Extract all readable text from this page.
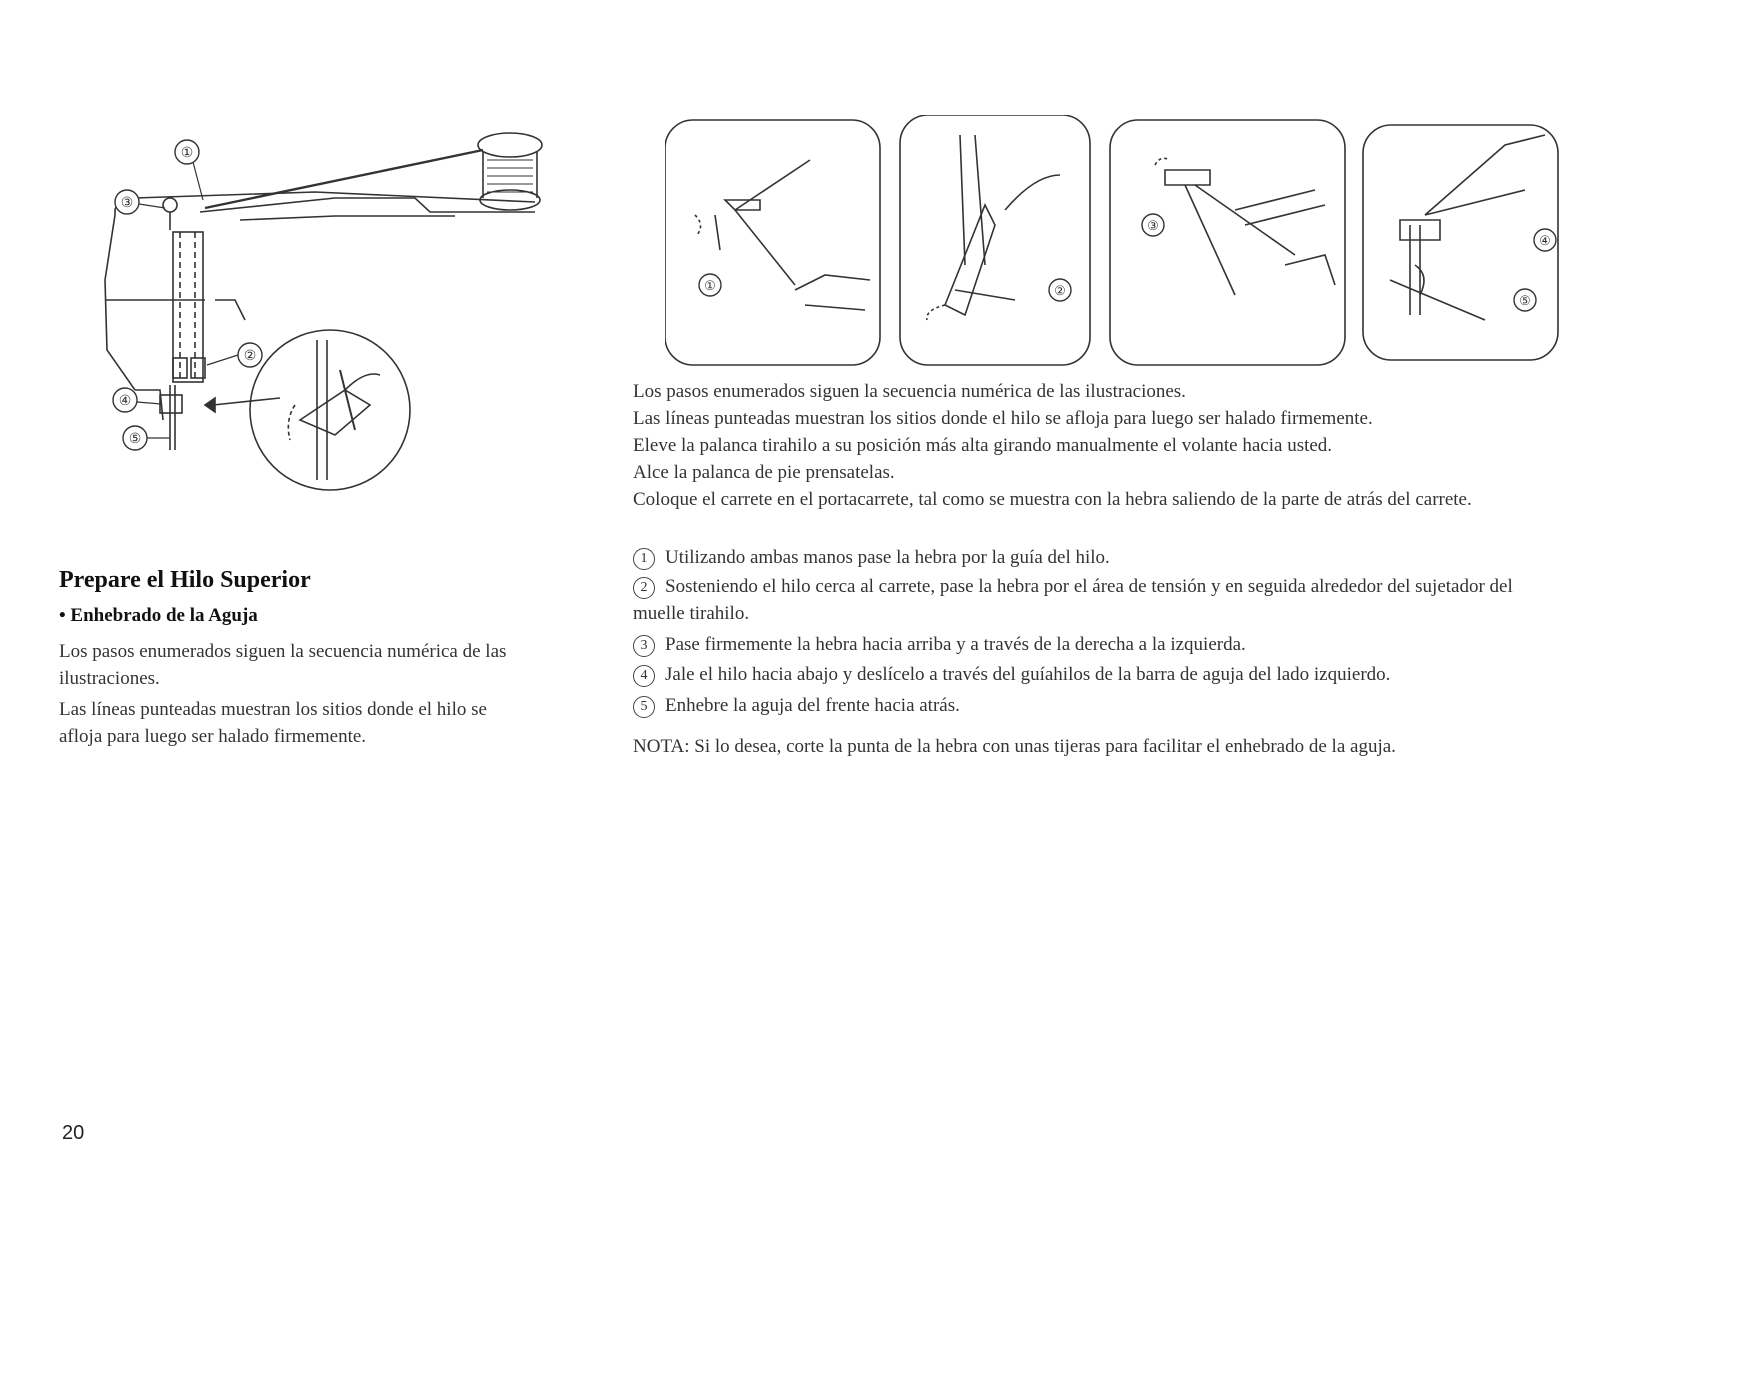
①
③
②
④
⑤
①	②
③
④
⑤
Prepare el Hilo Superior
• Enhebrado de la Aguja
Los pasos enumerados siguen la secuencia numérica de las ilustraciones.
Las líneas punteadas muestran los sitios donde el hilo se afloja para luego ser halado firmemente.
Los pasos enumerados siguen la secuencia numérica de las ilustraciones.
Las líneas punteadas muestran los sitios donde el hilo se afloja para luego ser halado firmemente.
Eleve la palanca tirahilo a su posición más alta girando manualmente el volante hacia usted.
Alce la palanca de pie prensatelas.
Coloque el carrete en el portacarrete, tal como se muestra con la hebra saliendo de la parte de atrás del carrete.
1 Utilizando ambas manos pase la hebra por la guía del hilo.
2 Sosteniendo el hilo cerca al carrete, pase la hebra por el área de tensión y en seguida alrededor del sujetador del muelle tirahilo.
3 Pase firmemente la hebra hacia arriba y a través de la derecha a la izquierda.
4 Jale el hilo hacia abajo y deslícelo a través del guíahilos de la barra de aguja del lado izquierdo.
5 Enhebre la aguja del frente hacia atrás.
NOTA: Si lo desea, corte la punta de la hebra con unas tijeras para facilitar el enhebrado de la aguja.
20
